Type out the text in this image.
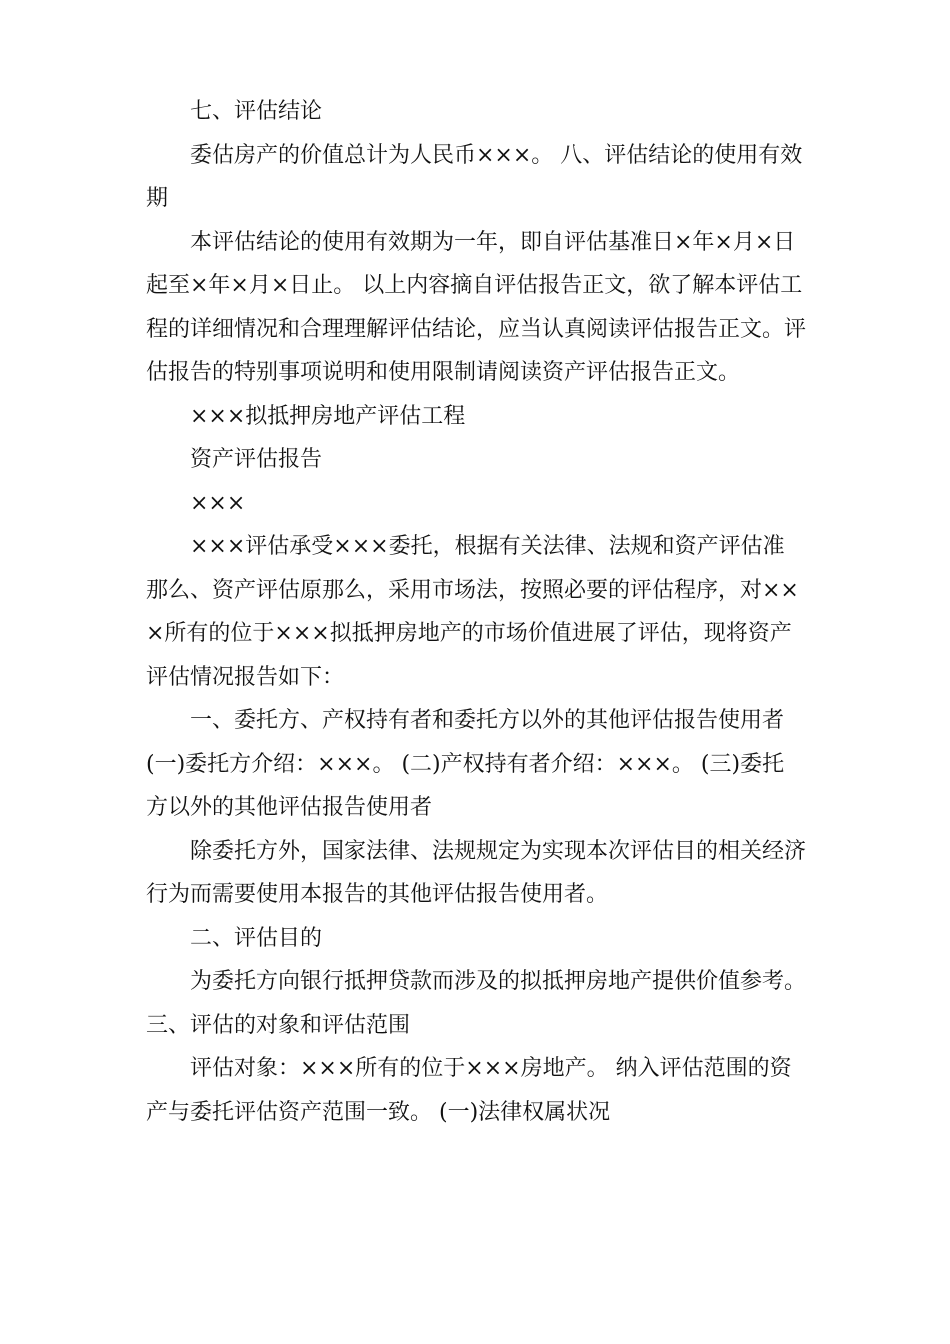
七、评估结论

委估房产的价值总计为人民币×××。 八、评估结论的使用有效期

本评估结论的使用有效期为一年，即自评估基准日×年×月×日起至×年×月×日止。 以上内容摘自评估报告正文，欲了解本评估工程的详细情况和合理理解评估结论，应当认真阅读评估报告正文。评估报告的特别事项说明和使用限制请阅读资产评估报告正文。

×××拟抵押房地产评估工程

资产评估报告

×××

×××评估承受×××委托，根据有关法律、法规和资产评估准那么、资产评估原那么，采用市场法，按照必要的评估程序，对×××所有的位于×××拟抵押房地产的市场价值进展了评估，现将资产评估情况报告如下：

一、委托方、产权持有者和委托方以外的其他评估报告使用者

(一)委托方介绍：×××。 (二)产权持有者介绍：×××。 (三)委托方以外的其他评估报告使用者

除委托方外，国家法律、法规规定为实现本次评估目的相关经济行为而需要使用本报告的其他评估报告使用者。

二、评估目的

为委托方向银行抵押贷款而涉及的拟抵押房地产提供价值参考。 三、评估的对象和评估范围

评估对象：×××所有的位于×××房地产。 纳入评估范围的资产与委托评估资产范围一致。 (一)法律权属状况
